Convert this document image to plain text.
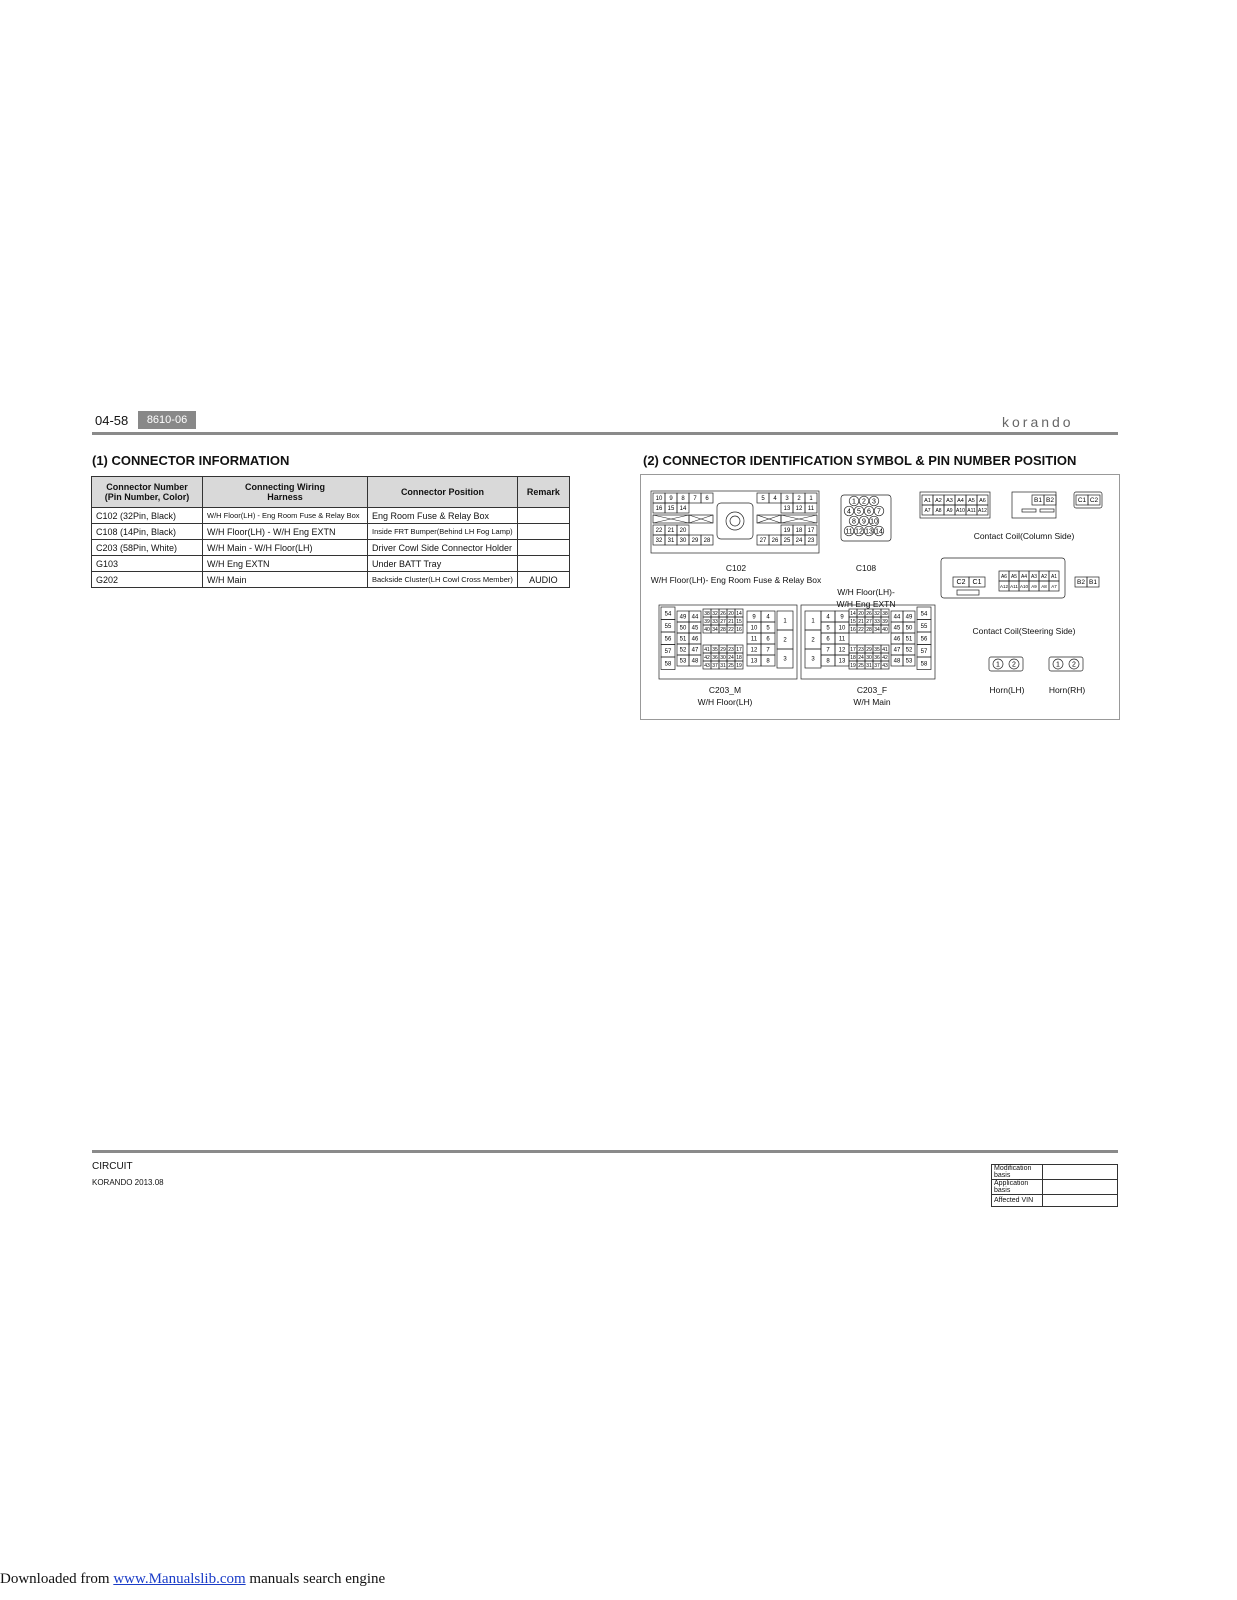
04-58	8610-06	korando
(1) CONNECTOR INFORMATION	(2) CONNECTOR IDENTIFICATION SYMBOL & PIN NUMBER POSITION
Connector Number
(Pin Number, Color)	Connecting Wiring
Harness	Connector Position	Remark
C102 (32Pin, Black)	W/H Floor(LH) - Eng Room Fuse & Relay Box	Eng Room Fuse & Relay Box	
C108 (14Pin, Black)	W/H Floor(LH) - W/H Eng EXTN	Inside FRT Bumper(Behind LH Fog Lamp)	
C203 (58Pin, White)	W/H Main - W/H Floor(LH)	Driver Cowl Side Connector Holder	
G103	W/H Eng EXTN	Under BATT Tray	
G202	W/H Main	Backside Cluster(LH Cowl Cross Member)	AUDIO
10 9 8 7 6	5 4 3 2 1
16 15 14	13 12 11
22 21 20	19 18 17
32 31 30 29 28	27 26 25 24 23
1 2 3
4 5 6 7
8 9 10
11 12 13 14
A1 A2 A3 A4 A5 A6
A7 A8 A9 A10 A11 A12
B1 B2	C1 C2
C2 C1
A6 A5 A4 A3 A2 A1
A12 A11 A10 A9 A8 A7
B2 B1
54
55
56
57
58
49
50
51
52
53
44
45
46
47
48
38 32 26 20 14
39 33 27 21 15
40 34 28 22 16
41 35 29 23 17
42 36 30 24 18
43 37 31 25 19
9
10
11
12
13
4
5
6
7
8
1
2
3
1
2
3
4
5
6
7
8
9
10
11
12
13
14 20 26 32 38
15 21 27 33 39
16 22 28 34 40
17 23 29 35 41
18 24 30 36 42
19 25 31 37 43
44
45
46
47
48
49
50
51
52
53
54
55
56
57
58	1 2	1 2
C102
W/H Floor(LH)- Eng Room Fuse & Relay Box

C108

W/H Floor(LH)-
W/H Eng EXTN

Contact Coil(Column Side)
Contact Coil(Steering Side)
C203_M
W/H Floor(LH)
C203_F
W/H Main
Horn(LH)	Horn(RH)
CIRCUIT
KORANDO 2013.08
Modification basis	
Application basis	
Affected VIN	
Downloaded from www.Manualslib.com manuals search engine
